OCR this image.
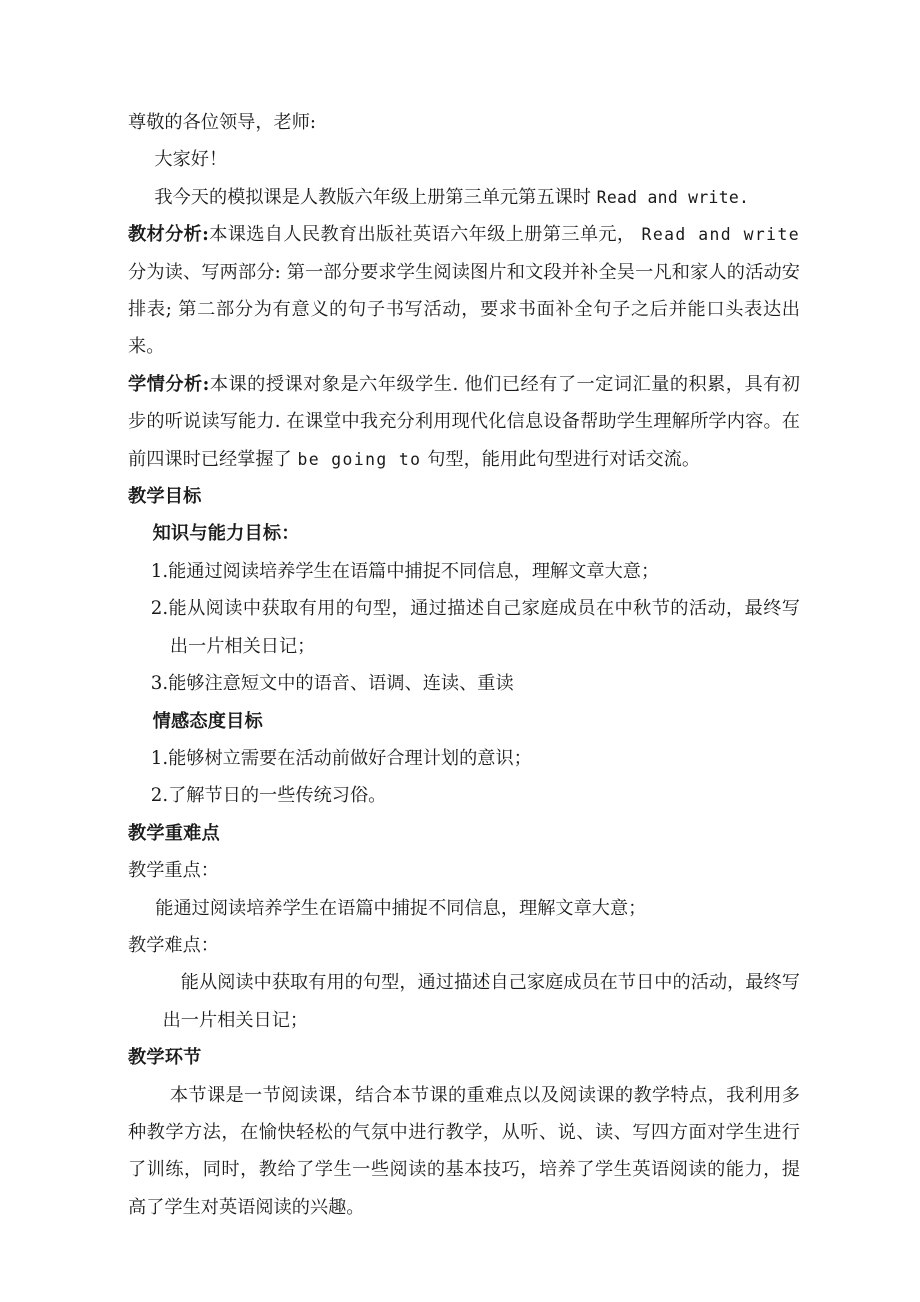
尊敬的各位领导，老师:

大家好！

我今天的模拟课是人教版六年级上册第三单元第五课时 Read and write.

教材分析:本课选自人民教育出版社英语六年级上册第三单元， Read and write分为读、写两部分: 第一部分要求学生阅读图片和文段并补全吴一凡和家人的活动安排表; 第二部分为有意义的句子书写活动，要求书面补全句子之后并能口头表达出来。

学情分析:本课的授课对象是六年级学生. 他们已经有了一定词汇量的积累，具有初步的听说读写能力. 在课堂中我充分利用现代化信息设备帮助学生理解所学内容。在前四课时已经掌握了 be going to 句型，能用此句型进行对话交流。

教学目标

知识与能力目标：

1.能通过阅读培养学生在语篇中捕捉不同信息，理解文章大意；

2.能从阅读中获取有用的句型，通过描述自己家庭成员在中秋节的活动，最终写出一片相关日记；

3.能够注意短文中的语音、语调、连读、重读

情感态度目标

1.能够树立需要在活动前做好合理计划的意识；

2.了解节日的一些传统习俗。

教学重难点

教学重点：

能通过阅读培养学生在语篇中捕捉不同信息，理解文章大意；

教学难点：

能从阅读中获取有用的句型，通过描述自己家庭成员在节日中的活动，最终写出一片相关日记；

教学环节

本节课是一节阅读课，结合本节课的重难点以及阅读课的教学特点，我利用多种教学方法，在愉快轻松的气氛中进行教学，从听、说、读、写四方面对学生进行了训练，同时，教给了学生一些阅读的基本技巧，培养了学生英语阅读的能力，提高了学生对英语阅读的兴趣。
